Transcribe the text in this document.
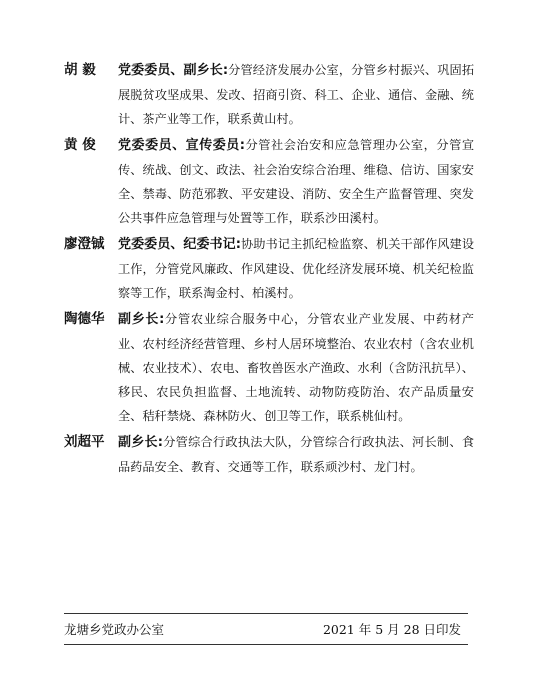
胡 毅	党委委员、副乡长:分管经济发展办公室，分管乡村振兴、巩固拓展脱贫攻坚成果、发改、招商引资、科工、企业、通信、金融、统计、茶产业等工作，联系黄山村。
黄 俊	党委委员、宣传委员:分管社会治安和应急管理办公室，分管宣传、统战、创文、政法、社会治安综合治理、维稳、信访、国家安全、禁毒、防范邪教、平安建设、消防、安全生产监督管理、突发公共事件应急管理与处置等工作，联系沙田溪村。
廖澄铖	党委委员、纪委书记:协助书记主抓纪检监察、机关干部作风建设工作，分管党风廉政、作风建设、优化经济发展环境、机关纪检监察等工作，联系淘金村、柏溪村。
陶德华	副乡长:分管农业综合服务中心，分管农业产业发展、中药材产业、农村经济经营管理、乡村人居环境整治、农业农村（含农业机械、农业技术）、农电、畜牧兽医水产渔政、水利（含防汛抗旱）、移民、农民负担监督、土地流转、动物防疫防治、农产品质量安全、秸秆禁烧、森林防火、创卫等工作，联系桃仙村。
刘超平	副乡长:分管综合行政执法大队，分管综合行政执法、河长制、食品药品安全、教育、交通等工作，联系顽沙村、龙门村。
龙塘乡党政办公室	2021 年 5 月 28 日印发
